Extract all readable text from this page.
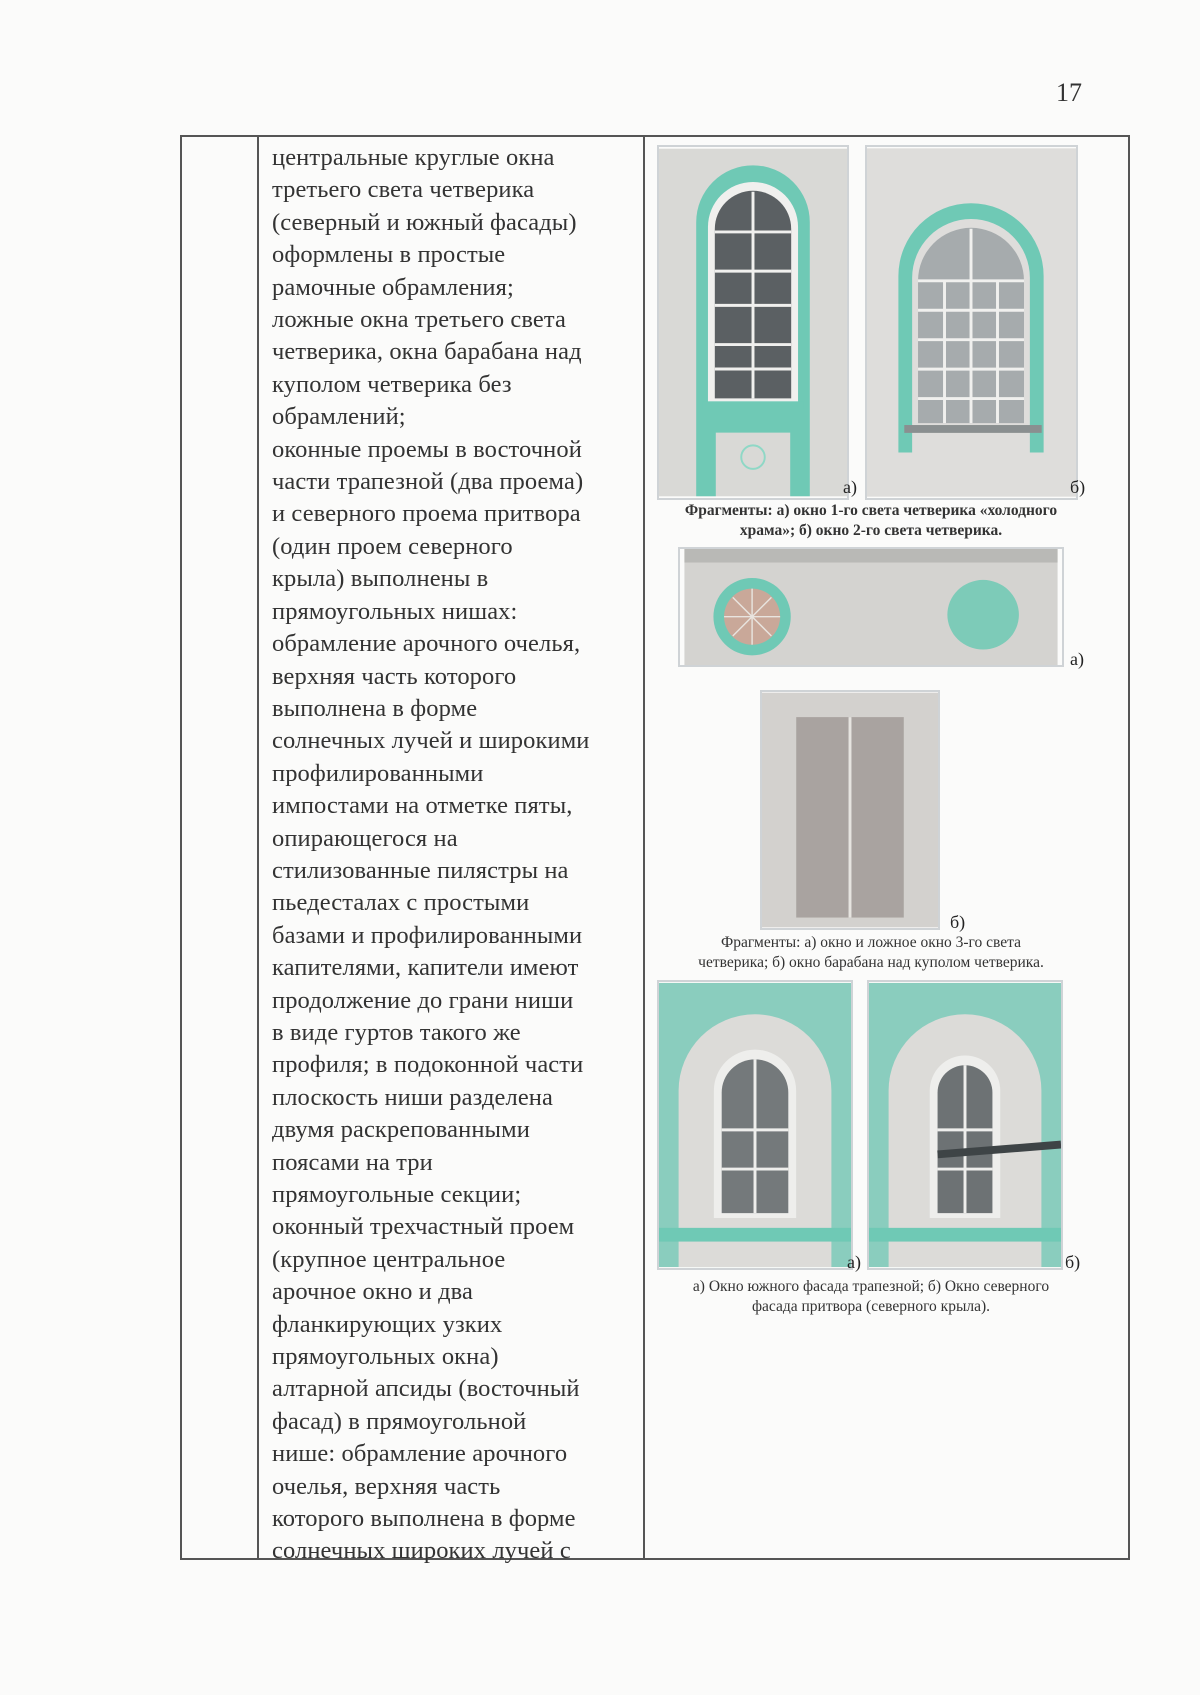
17
центральные круглые окна
третьего света четверика
(северный и южный фасады)
оформлены в простые
рамочные обрамления;
ложные окна третьего света
четверика, окна барабана над
куполом четверика без
обрамлений;
оконные проемы в восточной
части трапезной (два проема)
и северного проема притвора
(один проем северного
крыла) выполнены в
прямоугольных нишах:
обрамление арочного очелья,
верхняя часть которого
выполнена в форме
солнечных лучей и широкими
профилированными
импостами на отметке пяты,
опирающегося на
стилизованные пилястры на
пьедесталах с простыми
базами и профилированными
капителями, капители имеют
продолжение до грани ниши
в виде гуртов такого же
профиля; в подоконной части
плоскость ниши разделена
двумя раскрепованными
поясами на три
прямоугольные секции;
оконный трехчастный проем
(крупное центральное
арочное окно и два
фланкирующих узких
прямоугольных окна)
алтарной апсиды (восточный
фасад) в прямоугольной
нише: обрамление арочного
очелья, верхняя часть
которого выполнена в форме
солнечных широких лучей с
а)	б)
Фрагменты: а) окно 1-го света четверика «холодного
храма»; б) окно 2-го света четверика.
а)
б)
Фрагменты: а) окно и ложное окно 3-го света
четверика; б) окно барабана над куполом четверика.
а)	б)
а) Окно южного фасада трапезной; б) Окно северного
фасада притвора (северного крыла).
